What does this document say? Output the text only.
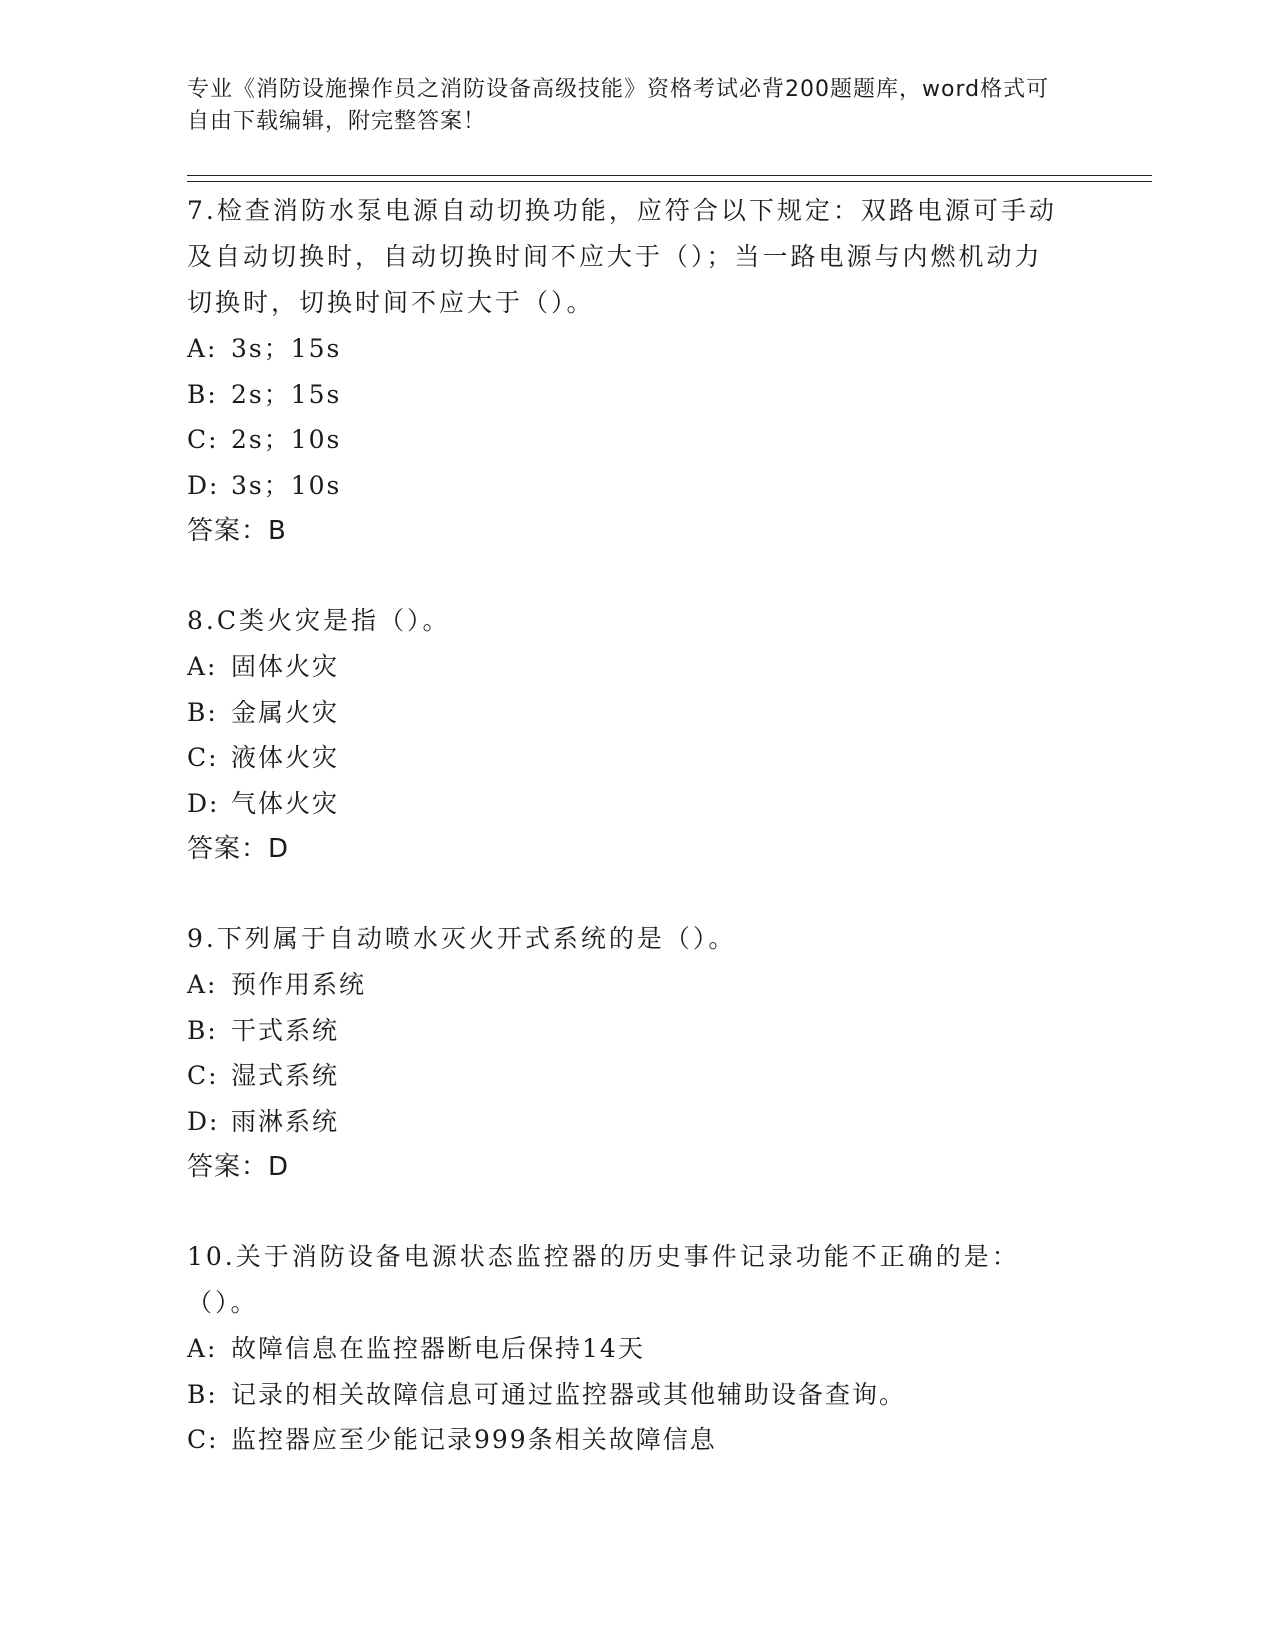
专业《消防设施操作员之消防设备高级技能》资格考试必背200题题库，word格式可自由下载编辑，附完整答案！

7.检查消防水泵电源自动切换功能，应符合以下规定：双路电源可手动及自动切换时，自动切换时间不应大于（）；当一路电源与内燃机动力切换时，切换时间不应大于（）。

A: 3s；15s

B: 2s；15s

C: 2s；10s

D: 3s；10s

答案：B

8.C类火灾是指（）。

A: 固体火灾

B: 金属火灾

C: 液体火灾

D: 气体火灾

答案：D

9.下列属于自动喷水灭火开式系统的是（）。

A: 预作用系统

B: 干式系统

C: 湿式系统

D: 雨淋系统

答案：D

10.关于消防设备电源状态监控器的历史事件记录功能不正确的是：（）。

A: 故障信息在监控器断电后保持14天

B: 记录的相关故障信息可通过监控器或其他辅助设备查询。

C: 监控器应至少能记录999条相关故障信息
